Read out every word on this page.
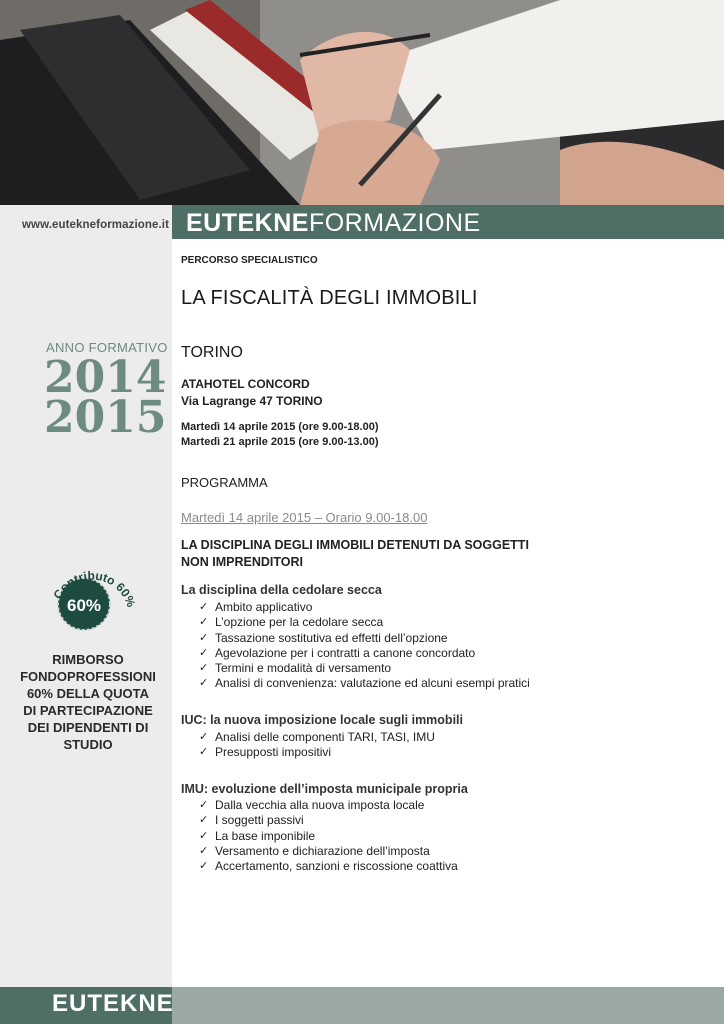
www.eutekneformazione.it EUTEKNEFORMAZIONE
ANNO FORMATIVO
2014
2015
60%
Contributo 60%
RIMBORSO
FONDOPROFESSIONI
60% DELLA QUOTA
DI PARTECIPAZIONE
DEI DIPENDENTI DI
STUDIO
PERCORSO SPECIALISTICO
LA FISCALITÀ DEGLI IMMOBILI
TORINO
ATAHOTEL CONCORD
Via Lagrange 47 TORINO
Martedì 14 aprile 2015 (ore 9.00-18.00)
Martedì 21 aprile 2015 (ore 9.00-13.00)
PROGRAMMA
Martedì 14 aprile 2015 – Orario 9.00-18.00
LA DISCIPLINA DEGLI IMMOBILI DETENUTI DA SOGGETTI
NON IMPRENDITORI
La disciplina della cedolare secca
✓ Ambito applicativo
✓ L’opzione per la cedolare secca
✓ Tassazione sostitutiva ed effetti dell’opzione
✓ Agevolazione per i contratti a canone concordato
✓ Termini e modalità di versamento
✓ Analisi di convenienza: valutazione ed alcuni esempi pratici
IUC: la nuova imposizione locale sugli immobili
✓ Analisi delle componenti TARI, TASI, IMU
✓ Presupposti impositivi
IMU: evoluzione dell’imposta municipale propria
✓ Dalla vecchia alla nuova imposta locale
✓ I soggetti passivi
✓ La base imponibile
✓ Versamento e dichiarazione dell’imposta
✓ Accertamento, sanzioni e riscossione coattiva
EUTEKNE
